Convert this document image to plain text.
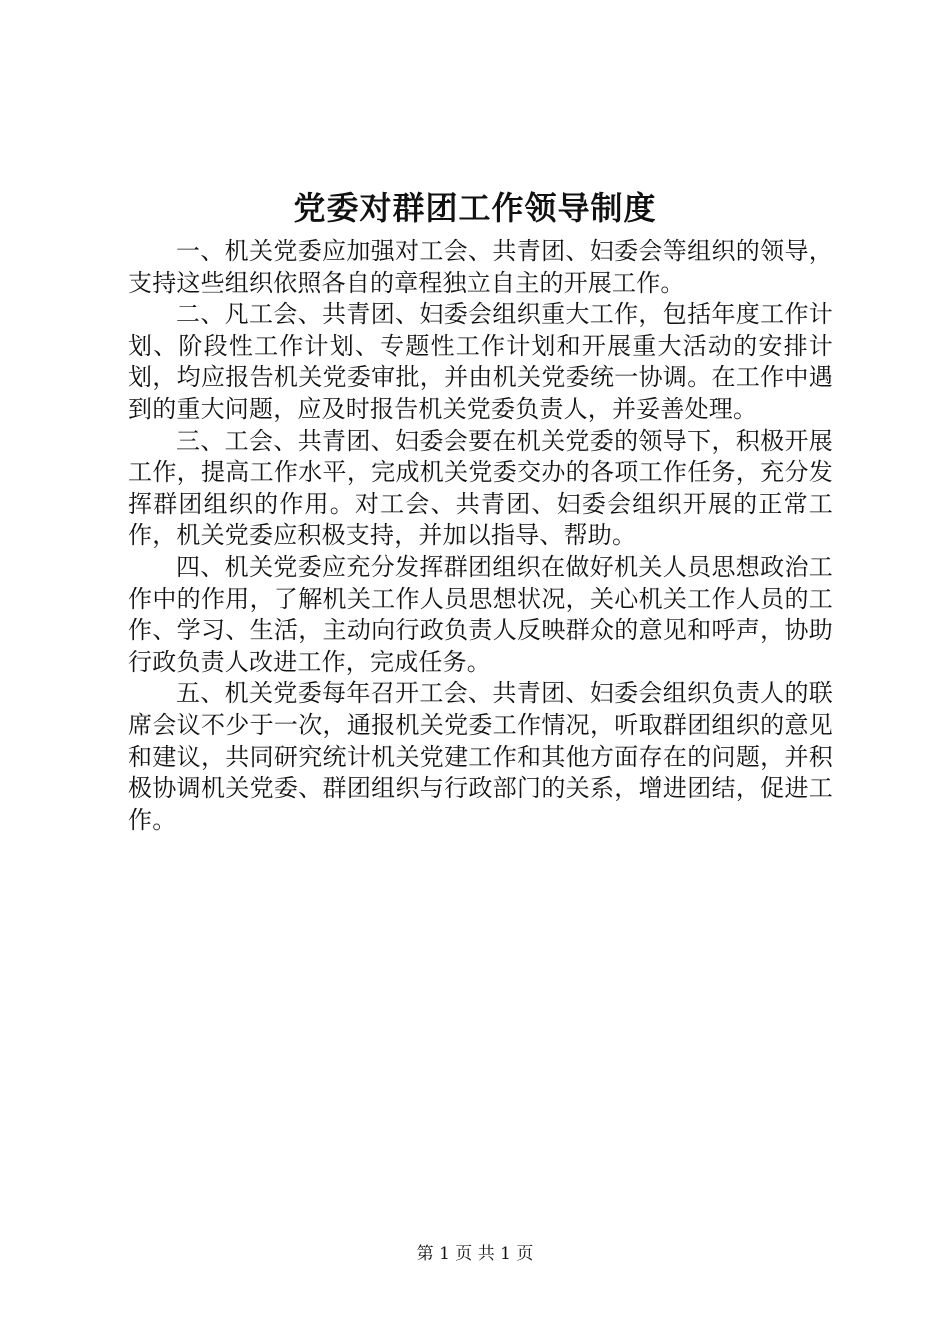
党委对群团工作领导制度

一、机关党委应加强对工会、共青团、妇委会等组织的领导，支持这些组织依照各自的章程独立自主的开展工作。

二、凡工会、共青团、妇委会组织重大工作，包括年度工作计划、阶段性工作计划、专题性工作计划和开展重大活动的安排计划，均应报告机关党委审批，并由机关党委统一协调。在工作中遇到的重大问题，应及时报告机关党委负责人，并妥善处理。

三、工会、共青团、妇委会要在机关党委的领导下，积极开展工作，提高工作水平，完成机关党委交办的各项工作任务，充分发挥群团组织的作用。对工会、共青团、妇委会组织开展的正常工作，机关党委应积极支持，并加以指导、帮助。

四、机关党委应充分发挥群团组织在做好机关人员思想政治工作中的作用，了解机关工作人员思想状况，关心机关工作人员的工作、学习、生活，主动向行政负责人反映群众的意见和呼声，协助行政负责人改进工作，完成任务。

五、机关党委每年召开工会、共青团、妇委会组织负责人的联席会议不少于一次，通报机关党委工作情况，听取群团组织的意见和建议，共同研究统计机关党建工作和其他方面存在的问题，并积极协调机关党委、群团组织与行政部门的关系，增进团结，促进工作。

第 1 页 共 1 页
